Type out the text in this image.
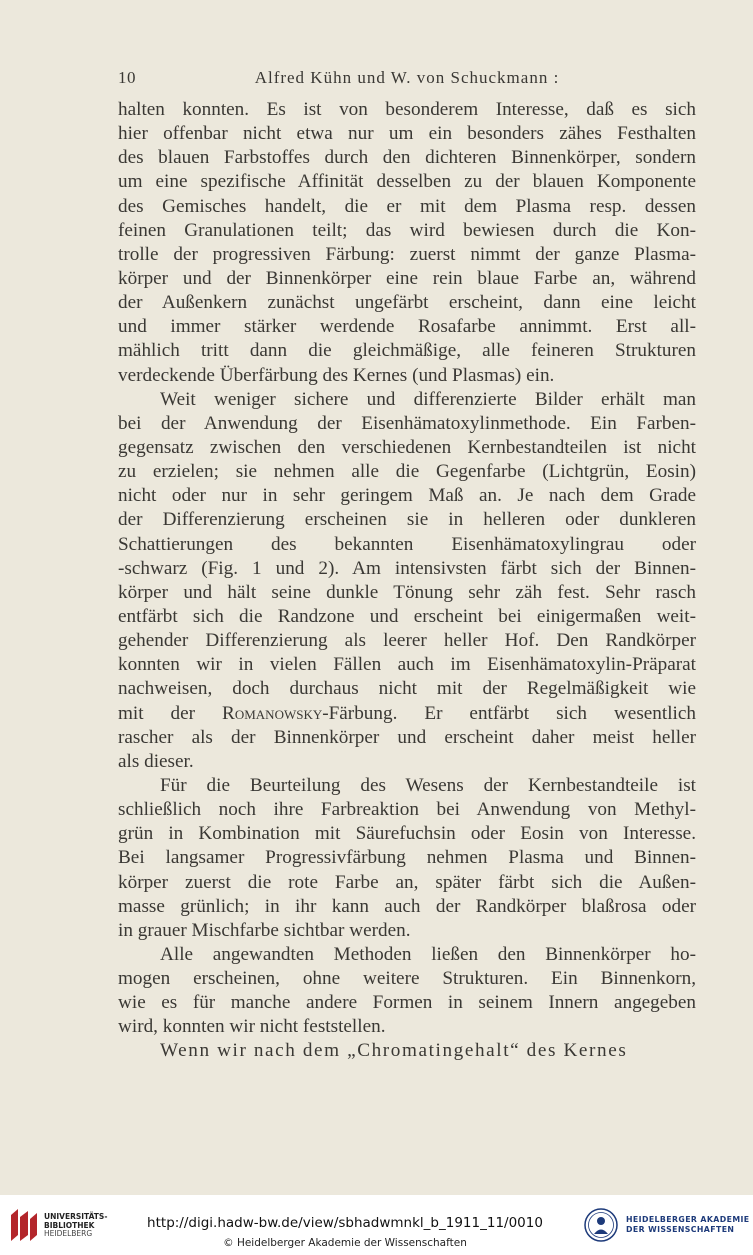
10	Alfred Kühn und W. von Schuckmann :
halten konnten. Es ist von besonderem Interesse, daß es sich
hier offenbar nicht etwa nur um ein besonders zähes Festhalten
des blauen Farbstoffes durch den dichteren Binnenkörper, sondern
um eine spezifische Affinität desselben zu der blauen Komponente
des Gemisches handelt, die er mit dem Plasma resp. dessen
feinen Granulationen teilt; das wird bewiesen durch die Kon-
trolle der progressiven Färbung: zuerst nimmt der ganze Plasma-
körper und der Binnenkörper eine rein blaue Farbe an, während
der Außenkern zunächst ungefärbt erscheint, dann eine leicht
und immer stärker werdende Rosafarbe annimmt. Erst all-
mählich tritt dann die gleichmäßige, alle feineren Strukturen
verdeckende Überfärbung des Kernes (und Plasmas) ein.
Weit weniger sichere und differenzierte Bilder erhält man
bei der Anwendung der Eisenhämatoxylinmethode. Ein Farben-
gegensatz zwischen den verschiedenen Kernbestandteilen ist nicht
zu erzielen; sie nehmen alle die Gegenfarbe (Lichtgrün, Eosin)
nicht oder nur in sehr geringem Maß an. Je nach dem Grade
der Differenzierung erscheinen sie in helleren oder dunkleren
Schattierungen des bekannten Eisenhämatoxylingrau oder
-schwarz (Fig. 1 und 2). Am intensivsten färbt sich der Binnen-
körper und hält seine dunkle Tönung sehr zäh fest. Sehr rasch
entfärbt sich die Randzone und erscheint bei einigermaßen weit-
gehender Differenzierung als leerer heller Hof. Den Randkörper
konnten wir in vielen Fällen auch im Eisenhämatoxylin-Präparat
nachweisen, doch durchaus nicht mit der Regelmäßigkeit wie
mit der Romanowsky-Färbung. Er entfärbt sich wesentlich
rascher als der Binnenkörper und erscheint daher meist heller
als dieser.
Für die Beurteilung des Wesens der Kernbestandteile ist
schließlich noch ihre Farbreaktion bei Anwendung von Methyl-
grün in Kombination mit Säurefuchsin oder Eosin von Interesse.
Bei langsamer Progressivfärbung nehmen Plasma und Binnen-
körper zuerst die rote Farbe an, später färbt sich die Außen-
masse grünlich; in ihr kann auch der Randkörper blaßrosa oder
in grauer Mischfarbe sichtbar werden.
Alle angewandten Methoden ließen den Binnenkörper ho-
mogen erscheinen, ohne weitere Strukturen. Ein Binnenkorn,
wie es für manche andere Formen in seinem Innern angegeben
wird, konnten wir nicht feststellen.
Wenn wir nach dem „Chromatingehalt“ des Kernes
UNIVERSITÄTS-
BIBLIOTHEK
HEIDELBERG
http://digi.hadw-bw.de/view/sbhadwmnkl_b_1911_11/0010
© Heidelberger Akademie der Wissenschaften
HEIDELBERGER AKADEMIE
DER WISSENSCHAFTEN
